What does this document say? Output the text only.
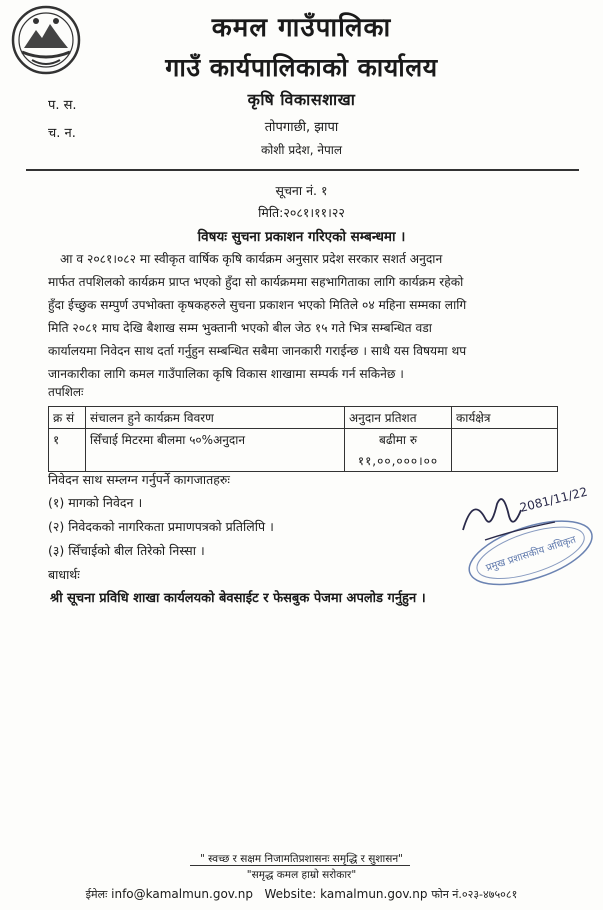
कमल गाउँपालिका
गाउँ कार्यपालिकाको कार्यालय
प. स.
च. न.
कृषि विकासशाखा
तोपगाछी, झापा
कोशी प्रदेश, नेपाल
सूचना नं. १
मिति:२०८१।११।२२
विषयः सुचना प्रकाशन गरिएको सम्बन्धमा ।
आ व २०८१।०८२ मा स्वीकृत वार्षिक कृषि कार्यक्रम अनुसार प्रदेश सरकार सशर्त अनुदान
मार्फत तपशिलको कार्यक्रम प्राप्त भएको हुँदा सो कार्यक्रममा सहभागिताका लागि कार्यक्रम रहेको
हुँदा ईच्छुक सम्पुर्ण उपभोक्ता कृषकहरुले सुचना प्रकाशन भएको मितिले ०४ महिना सम्मका लागि
मिति २०८१ माघ देखि बैशाख सम्म भुक्तानी भएको बील जेठ १५ गते भित्र सम्बन्धित वडा
कार्यालयमा निवेदन साथ दर्ता गर्नुहुन सम्बन्धित सबैमा जानकारी गराईन्छ । साथै यस विषयमा थप
जानकारीका लागि कमल गाउँपालिका कृषि विकास शाखामा सम्पर्क गर्न सकिनेछ ।
तपशिलः
क्र सं	संचालन हुने कार्यक्रम विवरण	अनुदान प्रतिशत	कार्यक्षेत्र
१	सिँचाई मिटरमा बीलमा ५०%अनुदान	बढीमा रु
११,००,०००।००	

निवेदन साथ सम्लग्न गर्नुपर्ने कागजातहरुः
(१) मागको निवेदन ।
(२) निवेदकको नागरिकता प्रमाणपत्रको प्रतिलिपि ।
(३) सिँचाईको बील तिरेको निस्सा ।
बाधार्थः
श्री सूचना प्रविधि शाखा कार्यलयको बेवसाईट र फेसबुक पेजमा अपलोड गर्नुहुन ।
प्रमुख प्रशासकीय अधिकृत
2081/11/22
" स्वच्छ र सक्षम निजामतिप्रशासनः समृद्धि र सुशासन"
"समृद्ध कमल हाम्रो सरोकार"
ईमेलः info@kamalmun.gov.np Website: kamalmun.gov.np फोन नं.०२३-४७५०८१
